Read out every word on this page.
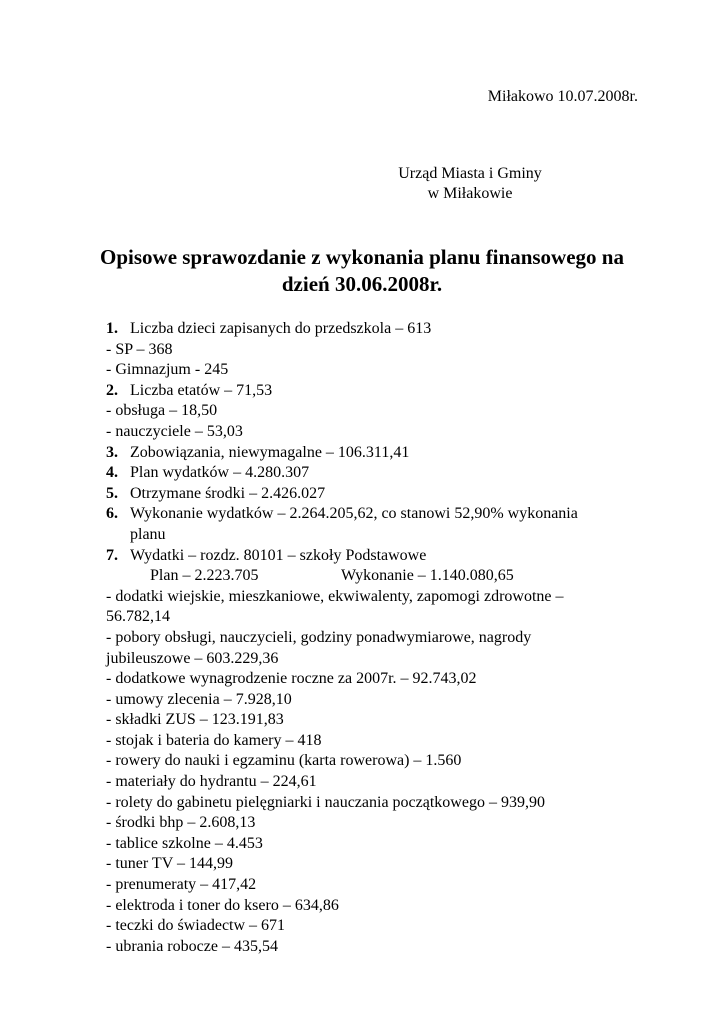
Miłakowo 10.07.2008r.
Urząd Miasta i Gminy
w Miłakowie
Opisowe sprawozdanie z wykonania planu finansowego na
dzień 30.06.2008r.
1. Liczba dzieci zapisanych do przedszkola – 613
- SP – 368
- Gimnazjum - 245
2. Liczba etatów – 71,53
- obsługa – 18,50
- nauczyciele – 53,03
3. Zobowiązania, niewymagalne – 106.311,41
4. Plan wydatków – 4.280.307
5. Otrzymane środki – 2.426.027
6. Wykonanie wydatków – 2.264.205,62, co stanowi 52,90% wykonania
planu
7. Wydatki – rozdz. 80101 – szkoły Podstawowe

Plan – 2.223.705	Wykonanie – 1.140.080,65
- dodatki wiejskie, mieszkaniowe, ekwiwalenty, zapomogi zdrowotne –
56.782,14
- pobory obsługi, nauczycieli, godziny ponadwymiarowe, nagrody
jubileuszowe – 603.229,36
- dodatkowe wynagrodzenie roczne za 2007r. – 92.743,02
- umowy zlecenia – 7.928,10
- składki ZUS – 123.191,83
- stojak i bateria do kamery – 418
- rowery do nauki i egzaminu (karta rowerowa) – 1.560
- materiały do hydrantu – 224,61
- rolety do gabinetu pielęgniarki i nauczania początkowego – 939,90
- środki bhp – 2.608,13
- tablice szkolne – 4.453
- tuner TV – 144,99
- prenumeraty – 417,42
- elektroda i toner do ksero – 634,86
- teczki do świadectw – 671
- ubrania robocze – 435,54
